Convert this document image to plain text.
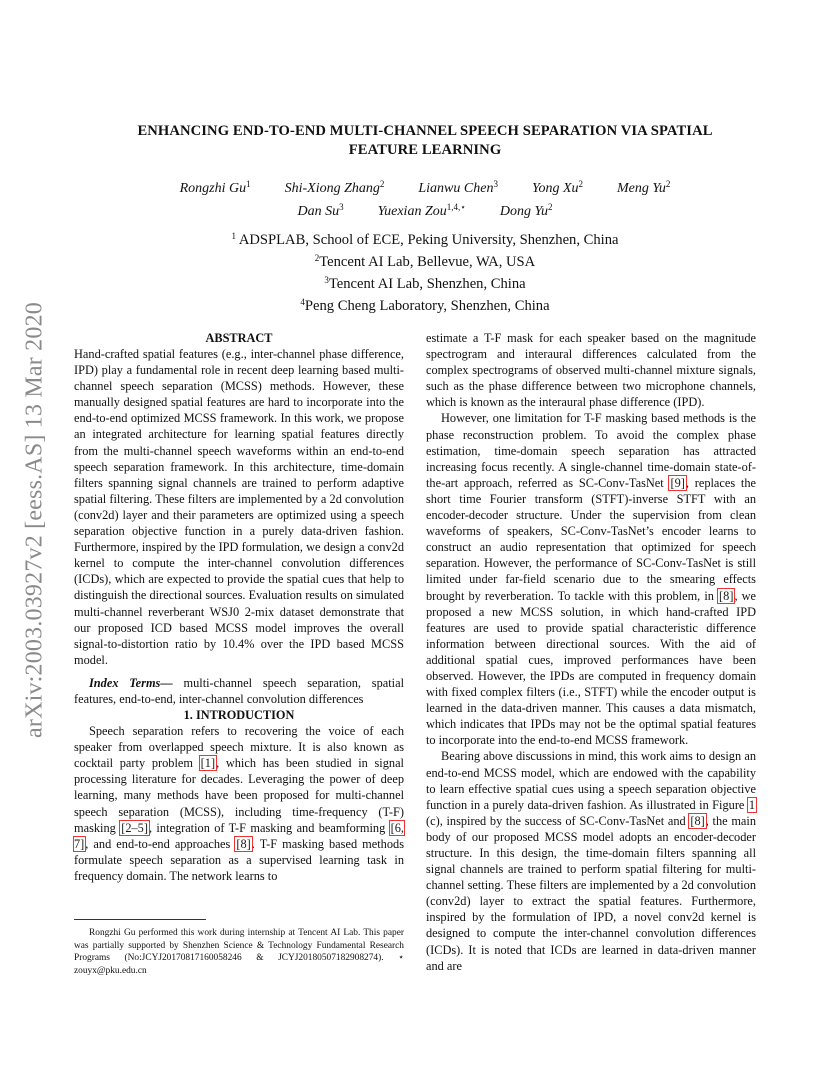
arXiv:2003.03927v2 [eess.AS] 13 Mar 2020
ENHANCING END-TO-END MULTI-CHANNEL SPEECH SEPARATION VIA SPATIAL
FEATURE LEARNING
Rongzhi Gu$^1$ Shi-Xiong Zhang$^2$ Lianwu Chen$^3$ Yong Xu$^2$ Meng Yu$^2$
Dan Su$^3$ Yuexian Zou$^{1,4,⋆}$ Dong Yu$^2$
$^1$ ADSPLAB, School of ECE, Peking University, Shenzhen, China
$^2$Tencent AI Lab, Bellevue, WA, USA
$^3$Tencent AI Lab, Shenzhen, China
$^4$Peng Cheng Laboratory, Shenzhen, China

ABSTRACT

Hand-crafted spatial features (e.g., inter-channel phase difference, IPD) play a fundamental role in recent deep learning based multi-channel speech separation (MCSS) methods. However, these manually designed spatial features are hard to incorporate into the end-to-end optimized MCSS framework. In this work, we propose an integrated architecture for learning spatial features directly from the multi-channel speech waveforms within an end-to-end speech separation framework. In this architecture, time-domain filters spanning signal channels are trained to perform adaptive spatial filtering. These filters are implemented by a 2d convolution (conv2d) layer and their parameters are optimized using a speech separation objective function in a purely data-driven fashion. Furthermore, inspired by the IPD formulation, we design a conv2d kernel to compute the inter-channel convolution differences (ICDs), which are expected to provide the spatial cues that help to distinguish the directional sources. Evaluation results on simulated multi-channel reverberant WSJ0 2-mix dataset demonstrate that our proposed ICD based MCSS model improves the overall signal-to-distortion ratio by 10.4% over the IPD based MCSS model.

Index Terms— multi-channel speech separation, spatial features, end-to-end, inter-channel convolution differences

1. INTRODUCTION

Speech separation refers to recovering the voice of each speaker from overlapped speech mixture. It is also known as cocktail party problem [1], which has been studied in signal processing literature for decades. Leveraging the power of deep learning, many methods have been proposed for multi-channel speech separation (MCSS), including time-frequency (T-F) masking [2–5], integration of T-F masking and beamforming [6, 7], and end-to-end approaches [8]. T-F masking based methods formulate speech separation as a supervised learning task in frequency domain. The network learns to

estimate a T-F mask for each speaker based on the magnitude spectrogram and interaural differences calculated from the complex spectrograms of observed multi-channel mixture signals, such as the phase difference between two microphone channels, which is known as the interaural phase difference (IPD).

However, one limitation for T-F masking based methods is the phase reconstruction problem. To avoid the complex phase estimation, time-domain speech separation has attracted increasing focus recently. A single-channel time-domain state-of-the-art approach, referred as SC-Conv-TasNet [9], replaces the short time Fourier transform (STFT)-inverse STFT with an encoder-decoder structure. Under the supervision from clean waveforms of speakers, SC-Conv-TasNet’s encoder learns to construct an audio representation that optimized for speech separation. However, the performance of SC-Conv-TasNet is still limited under far-field scenario due to the smearing effects brought by reverberation. To tackle with this problem, in [8], we proposed a new MCSS solution, in which hand-crafted IPD features are used to provide spatial characteristic difference information between directional sources. With the aid of additional spatial cues, improved performances have been observed. However, the IPDs are computed in frequency domain with fixed complex filters (i.e., STFT) while the encoder output is learned in the data-driven manner. This causes a data mismatch, which indicates that IPDs may not be the optimal spatial features to incorporate into the end-to-end MCSS framework.

Bearing above discussions in mind, this work aims to design an end-to-end MCSS model, which are endowed with the capability to learn effective spatial cues using a speech separation objective function in a purely data-driven fashion. As illustrated in Figure 1 (c), inspired by the success of SC-Conv-TasNet and [8], the main body of our proposed MCSS model adopts an encoder-decoder structure. In this design, the time-domain filters spanning all signal channels are trained to perform spatial filtering for multi-channel setting. These filters are implemented by a 2d convolution (conv2d) layer to extract the spatial features. Furthermore, inspired by the formulation of IPD, a novel conv2d kernel is designed to compute the inter-channel convolution differences (ICDs). It is noted that ICDs are learned in data-driven manner and are

Rongzhi Gu performed this work during internship at Tencent AI Lab. This paper was partially supported by Shenzhen Science & Technology Fundamental Research Programs (No:JCYJ20170817160058246 & JCYJ20180507182908274). ⋆ zouyx@pku.edu.cn
